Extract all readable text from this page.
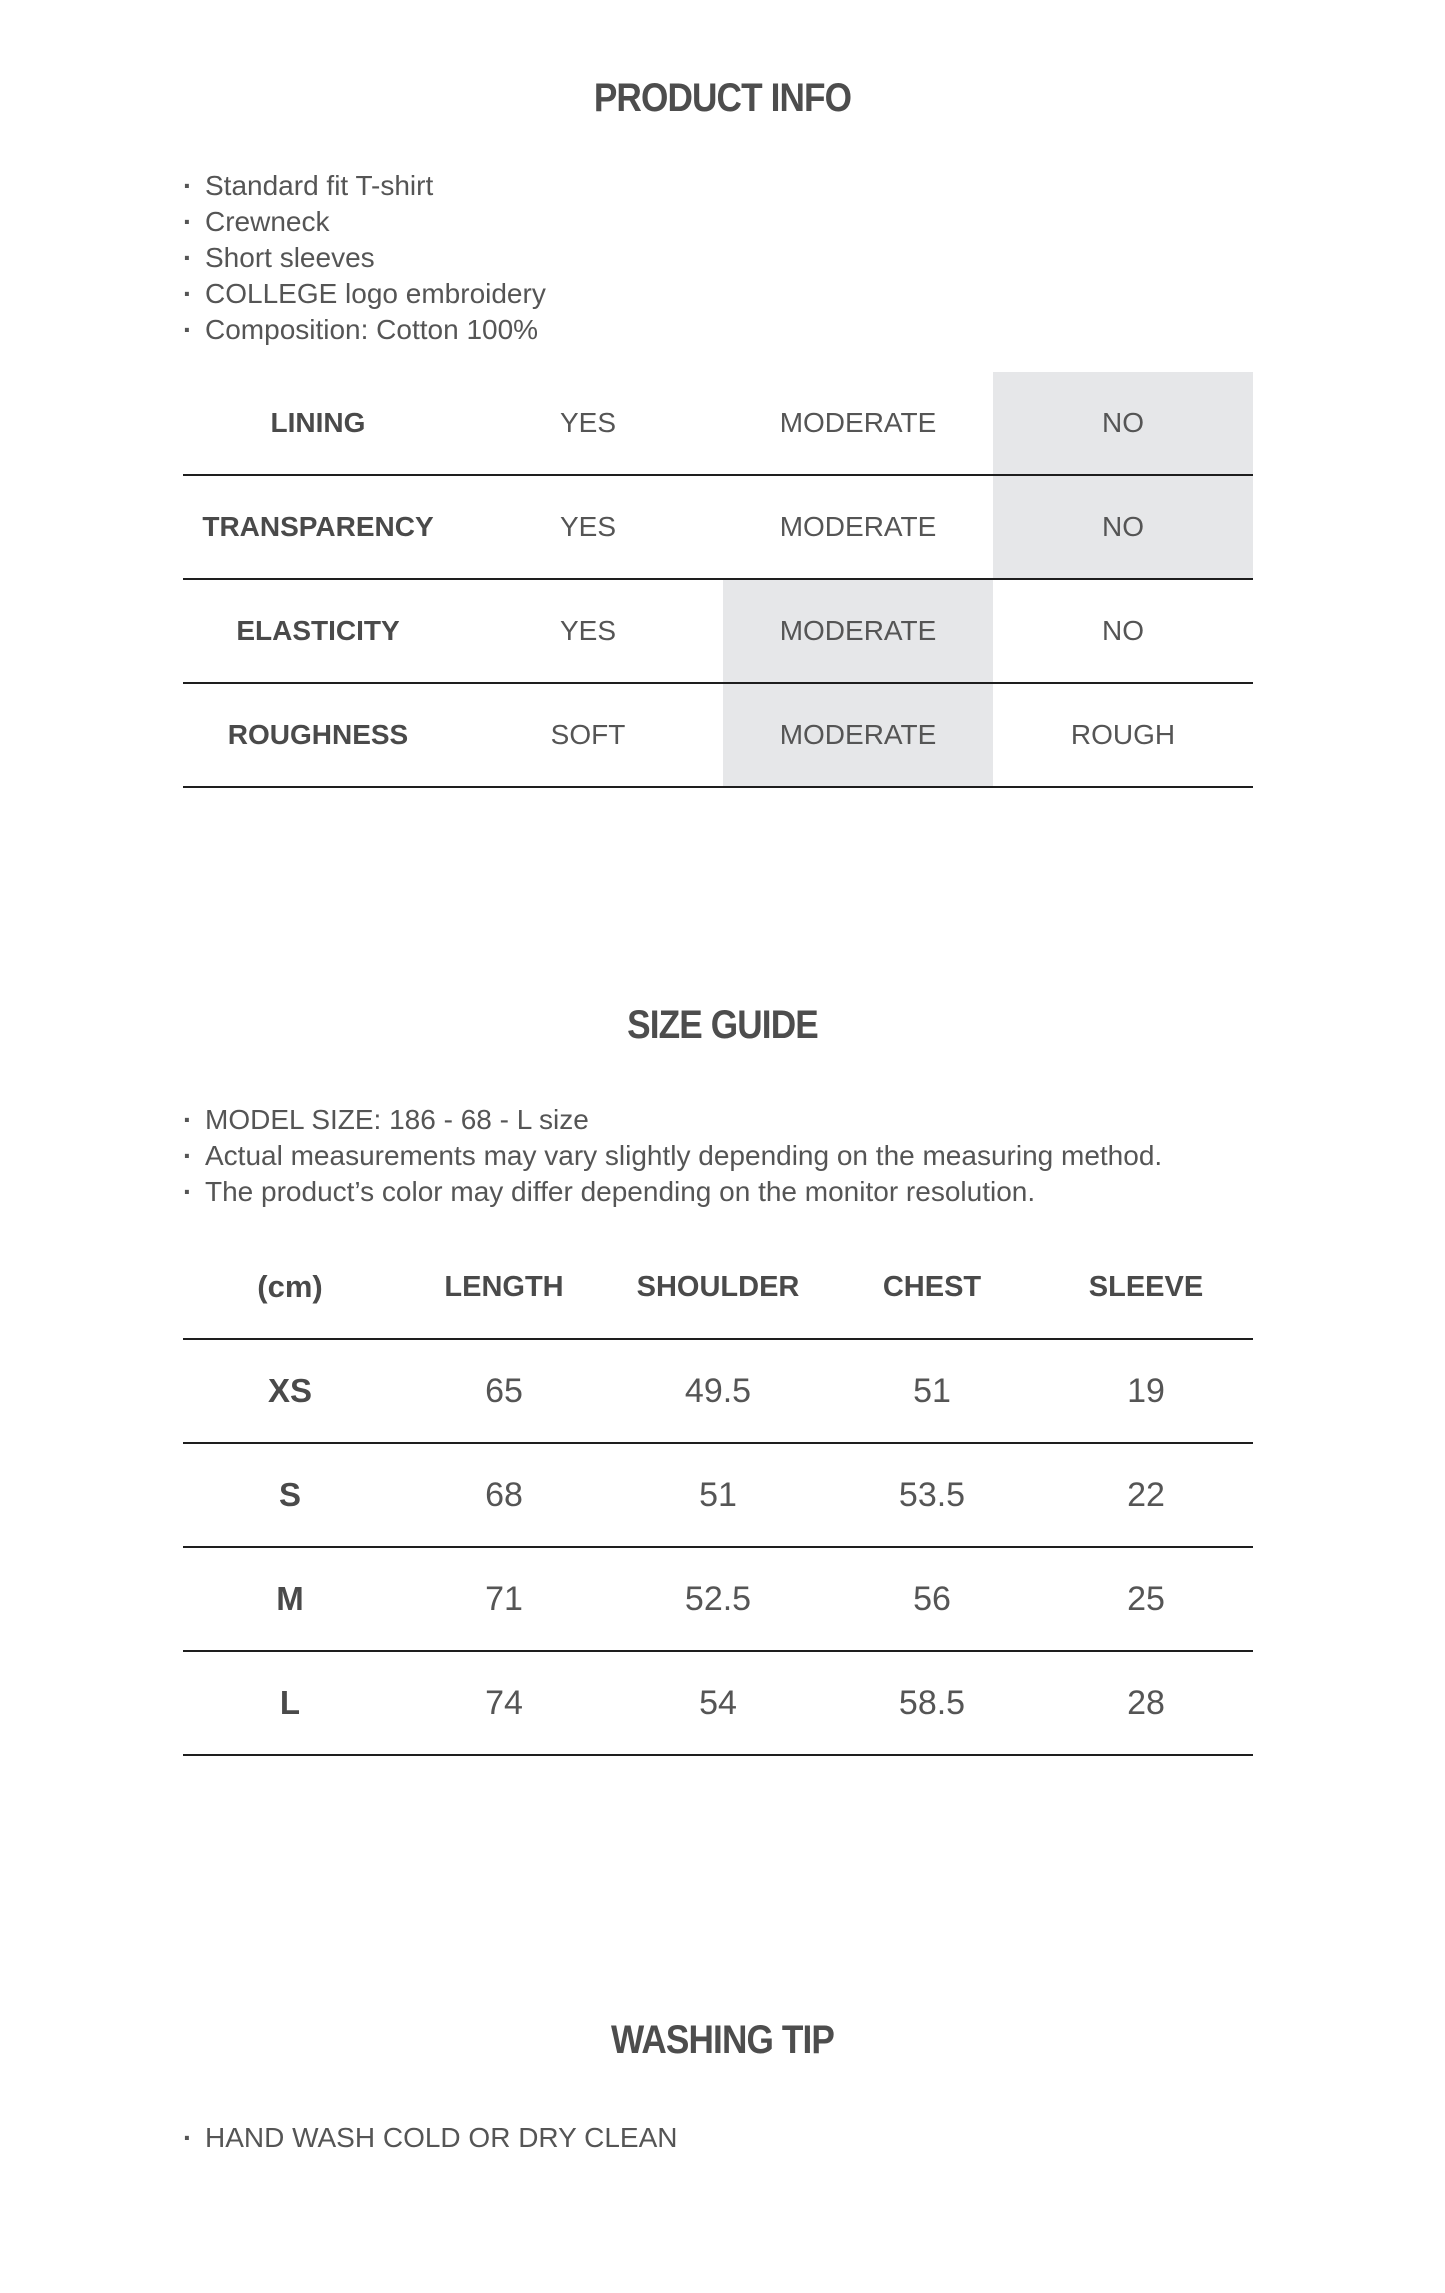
PRODUCT INFO
· Standard fit T-shirt
· Crewneck
· Short sleeves
· COLLEGE logo embroidery
· Composition: Cotton 100%
LINING	YES	MODERATE	NO
TRANSPARENCY	YES	MODERATE	NO
ELASTICITY	YES	MODERATE	NO
ROUGHNESS	SOFT	MODERATE	ROUGH
SIZE GUIDE
· MODEL SIZE: 186 - 68 - L size
· Actual measurements may vary slightly depending on the measuring method.
· The product’s color may differ depending on the monitor resolution.
(cm)	LENGTH	SHOULDER	CHEST	SLEEVE
XS	65	49.5	51	19
S	68	51	53.5	22
M	71	52.5	56	25
L	74	54	58.5	28
WASHING TIP
· HAND WASH COLD OR DRY CLEAN
